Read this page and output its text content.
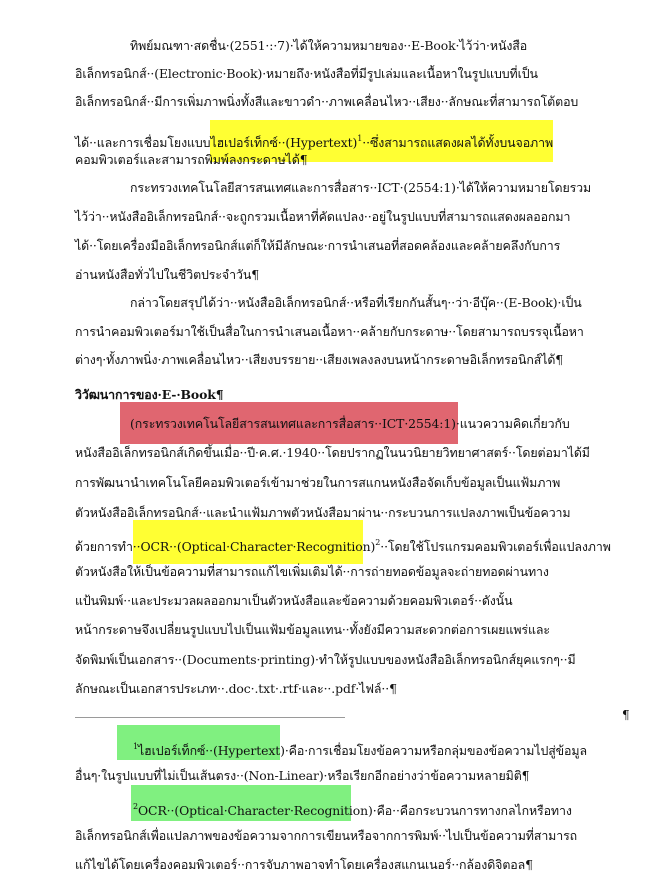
ทิพย์มณฑา·สดชื่น·(2551·:·7)·ได้ให้ความหมายของ··E-Book·ไว้ว่า·หนังสือ
อิเล็กทรอนิกส์··(Electronic·Book)·หมายถึง·หนังสือที่มีรูปเล่มและเนื้อหาในรูปแบบที่เป็น
อิเล็กทรอนิกส์··มีการเพิ่มภาพนิ่งทั้งสีและขาวดำ··ภาพเคลื่อนไหว··เสียง··ลักษณะที่สามารถโต้ตอบ
ได้··และการเชื่อมโยงแบบไฮเปอร์เท็กซ์··(Hypertext)$^1$··ซึ่งสามารถแสดงผลได้ทั้งบนจอภาพ
คอมพิวเตอร์และสามารถพิมพ์ลงกระดาษได้¶
กระทรวงเทคโนโลยีสารสนเทศและการสื่อสาร··ICT·(2554:1)·ได้ให้ความหมายโดยรวม
ไว้ว่า··หนังสืออิเล็กทรอนิกส์··จะถูกรวมเนื้อหาที่คัดแปลง··อยู่ในรูปแบบที่สามารถแสดงผลออกมา
ได้··โดยเครื่องมืออิเล็กทรอนิกส์แต่ก็ให้มีลักษณะ·การนำเสนอที่สอดคล้องและคล้ายคลึงกับการ
อ่านหนังสือทั่วไปในชีวิตประจำวัน¶
กล่าวโดยสรุปได้ว่า··หนังสืออิเล็กทรอนิกส์··หรือที่เรียกกันสั้นๆ··ว่า·อีบุ๊ค··(E-Book)·เป็น
การนำคอมพิวเตอร์มาใช้เป็นสื่อในการนำเสนอเนื้อหา··คล้ายกับกระดาษ··โดยสามารถบรรจุเนื้อหา
ต่างๆ·ทั้งภาพนิ่ง·ภาพเคลื่อนไหว··เสียงบรรยาย··เสียงเพลงลงบนหน้ากระดาษอิเล็กทรอนิกส์ได้¶
วิวัฒนาการของ·E-·Book¶
(กระทรวงเทคโนโลยีสารสนเทศและการสื่อสาร··ICT·2554:1)·แนวความคิดเกี่ยวกับ
หนังสืออิเล็กทรอนิกส์เกิดขึ้นเมื่อ··ปี·ค.ศ.·1940··โดยปรากฏในนวนิยายวิทยาศาสตร์··โดยต่อมาได้มี
การพัฒนานำเทคโนโลยีคอมพิวเตอร์เข้ามาช่วยในการสแกนหนังสือจัดเก็บข้อมูลเป็นแฟ้มภาพ
ตัวหนังสืออิเล็กทรอนิกส์··และนำแฟ้มภาพตัวหนังสือมาผ่าน··กระบวนการแปลงภาพเป็นข้อความ
ด้วยการทำ··OCR··(Optical·Character·Recognition)$^2$··โดยใช้โปรแกรมคอมพิวเตอร์เพื่อแปลงภาพ
ตัวหนังสือให้เป็นข้อความที่สามารถแก้ไขเพิ่มเติมได้··การถ่ายทอดข้อมูลจะถ่ายทอดผ่านทาง
แป้นพิมพ์··และประมวลผลออกมาเป็นตัวหนังสือและข้อความด้วยคอมพิวเตอร์··ดังนั้น
หน้ากระดาษจึงเปลี่ยนรูปแบบไปเป็นแฟ้มข้อมูลแทน··ทั้งยังมีความสะดวกต่อการเผยแพร่และ
จัดพิมพ์เป็นเอกสาร··(Documents·printing)·ทำให้รูปแบบของหนังสืออิเล็กทรอนิกส์ยุคแรกๆ··มี
ลักษณะเป็นเอกสารประเภท··.doc·.txt·.rtf·และ··.pdf·ไฟล์··¶
¶
$^1$ไฮเปอร์เท็กซ์··(Hypertext)·คือ·การเชื่อมโยงข้อความหรือกลุ่มของข้อความไปสู่ข้อมูล
อื่นๆ·ในรูปแบบที่ไม่เป็นเส้นตรง··(Non-Linear)·หรือเรียกอีกอย่างว่าข้อความหลายมิติ¶
$^2$OCR··(Optical·Character·Recognition)·คือ··คือกระบวนการทางกลไกหรือทาง
อิเล็กทรอนิกส์เพื่อแปลภาพของข้อความจากการเขียนหรือจากการพิมพ์··ไปเป็นข้อความที่สามารถ
แก้ไขได้โดยเครื่องคอมพิวเตอร์··การจับภาพอาจทำโดยเครื่องสแกนเนอร์··กล้องดิจิตอล¶
